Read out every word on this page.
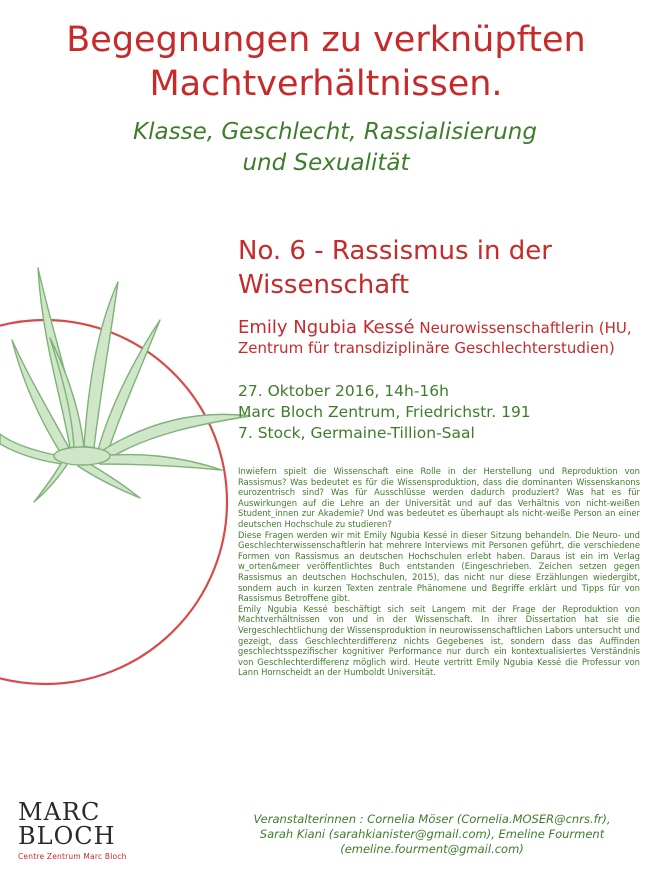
Begegnungen zu verknüpften
Machtverhältnissen.
Klasse, Geschlecht, Rassialisierung
und Sexualität
No. 6 - Rassismus in der
Wissenschaft
Emily Ngubia Kessé Neurowissenschaftlerin (HU,
Zentrum für transdiziplinäre Geschlechterstudien)
27. Oktober 2016, 14h-16h
Marc Bloch Zentrum, Friedrichstr. 191
7. Stock, Germaine-Tillion-Saal

Inwiefern spielt die Wissenschaft eine Rolle in der Herstellung und Reproduktion von Rassismus? Was bedeutet es für die Wissensproduktion, dass die dominanten Wissenskanons eurozentrisch sind? Was für Ausschlüsse werden dadurch produziert? Was hat es für Auswirkungen auf die Lehre an der Universität und auf das Verhältnis von nicht-weißen Student_innen zur Akademie? Und was bedeutet es überhaupt als nicht-weiße Person an einer deutschen Hochschule zu studieren?

Diese Fragen werden wir mit Emily Ngubia Kessé in dieser Sitzung behandeln. Die Neuro- und Geschlechterwissenschaftlerin hat mehrere Interviews mit Personen geführt, die verschiedene Formen von Rassismus an deutschen Hochschulen erlebt haben. Daraus ist ein im Verlag w_orten&meer veröffentlichtes Buch entstanden (Eingeschrieben. Zeichen setzen gegen Rassismus an deutschen Hochschulen, 2015), das nicht nur diese Erzählungen wiedergibt, sondern auch in kurzen Texten zentrale Phänomene und Begriffe erklärt und Tipps für von Rassismus Betroffene gibt.

Emily Ngubia Kessé beschäftigt sich seit Langem mit der Frage der Reproduktion von Machtverhältnissen von und in der Wissenschaft. In ihrer Dissertation hat sie die Vergeschlechtlichung der Wissensproduktion in neurowissenschaftlichen Labors untersucht und gezeigt, dass Geschlechterdifferenz nichts Gegebenes ist, sondern dass das Auffinden geschlechtsspezifischer kognitiver Performance nur durch ein kontextualisiertes Verständnis von Geschlechterdifferenz möglich wird. Heute vertritt Emily Ngubia Kessé die Professur von Lann Hornscheidt an der Humboldt Universität.

MARC
BLOCH
Centre Zentrum Marc Bloch
Veranstalterinnen : Cornelia Möser (Cornelia.MOSER@cnrs.fr),
Sarah Kiani (sarahkianister@gmail.com), Emeline Fourment
(emeline.fourment@gmail.com)
